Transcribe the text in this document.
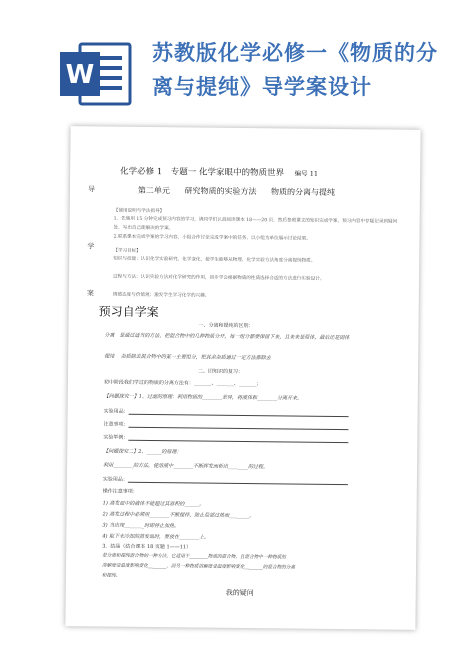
W
苏教版化学必修一《物质的分离与提纯》导学案设计
导
学
案
化学必修 1　专题一 化学家眼中的物质世界 编号 11
第二单元 研究物质的实验方法 物质的分离与提纯
【使用说明与学法指导】
1．先集用 15 分钟完成预习内容的学习，请同学们认真阅读课本 18——20 页，然后参照课文的知识完成学案，预习内容中存疑记录到疑问处，写出自己能解决的学案。
2.联系课本完成学案的学习内容，小组合作讨论完成学案中的任务，以小组为单位展示讨论结果。
【学习目标】
知识与技能：认识化学实验研究、化学变化，使学生能够从物理、化学实验方法角度分离提纯物质。
过程与方法：认识实验方法对化学研究的作用，初步学会根据物质的性质选择合适的方法进行实验设计。
情感态度与价值观：激发学生学习化学的兴趣。
预习自学案
一、分离和提纯的区别：
分离　是通过适当的方法，把混合物中的几种物质分开，每一组分都要保留下来，且来来是原体，最后还是固体
提纯　 杂质除去混合物中的某一主要组分，把其余杂质通过一定方法都除去
二、旧知识的复习：
初中阶段我们学过的物质的分离方法有：_______、_______、_______；
【问题探究一】1、过滤的原理：利用物质的________差异，将液体和________分离开来。
实验用品：
注意事项：
实验举例：
【问题探究二】2、______的原理：
利用________的方法，使溶液中________不断挥发而析出________的过程。
实验用品：
操作注意事项：
1) 蒸发皿中的液体不能超过其容积的______。
2) 蒸发过程中必须用________不断搅拌，防止局部过热而________。
3) 当出现________时即停止加热。
4) 取下未冷却的蒸发皿时，要放在________上。
3．结晶（结合课本 18 页题 1——11）
是分离和提纯混合物的一种方法，它适用于________物质的混合物，且混合物中一种物质的
溶解度受温度影响变化________，而另一种物质溶解度受温度影响变化________的混合物的分离
和提纯。
我的疑问
